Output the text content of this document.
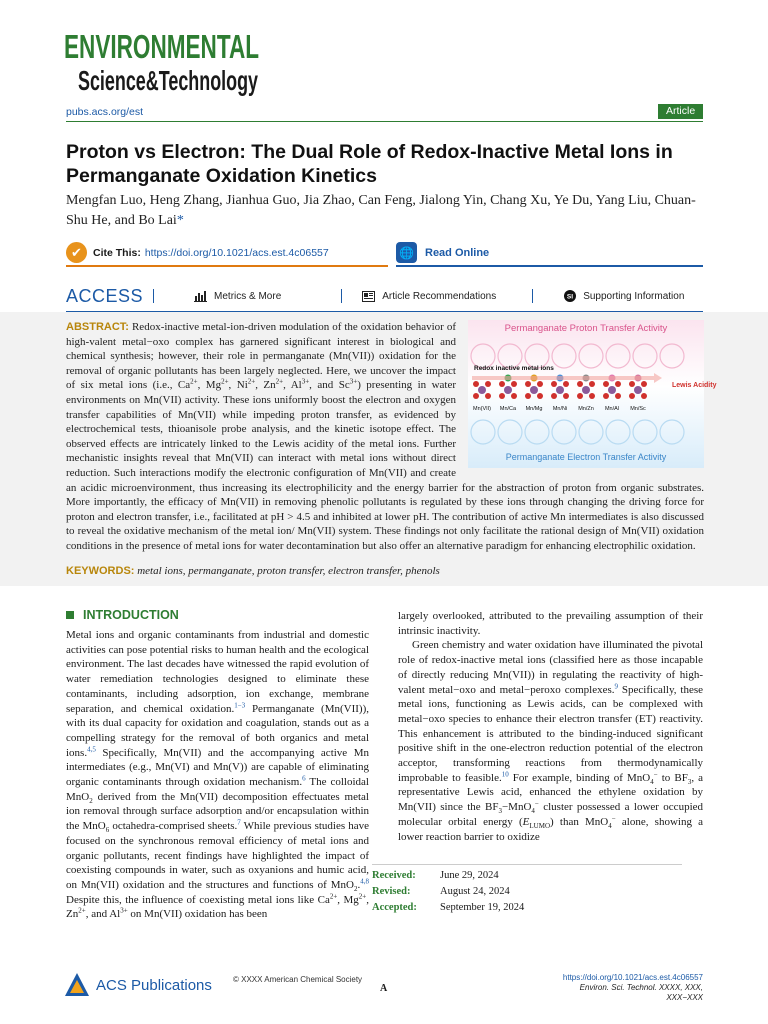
ENVIRONMENTAL
Science&Technology
pubs.acs.org/est	Article
Proton vs Electron: The Dual Role of Redox-Inactive Metal Ions in Permanganate Oxidation Kinetics
Mengfan Luo, Heng Zhang, Jianhua Guo, Jia Zhao, Can Feng, Jialong Yin, Chang Xu, Ye Du, Yang Liu, Chuan-Shu He, and Bo Lai*
✔	Cite This: https://doi.org/10.1021/acs.est.4c06557	🌐 Read Online
ACCESS	Metrics & More	Article Recommendations	SI Supporting Information
Permanganate Proton Transfer Activity
Redox inactive metal ions
Mn(VII) Mn/Ca Mn/Mg Mn/Ni Mn/Zn Mn/Al Mn/Sc
Lewis Acidity
Permanganate Electron Transfer Activity
ABSTRACT: Redox-inactive metal-ion-driven modulation of the oxidation behavior of high-valent metal−oxo complex has garnered significant interest in biological and chemical synthesis; however, their role in permanganate (Mn(VII)) oxidation for the removal of organic pollutants has been largely neglected. Here, we uncover the impact of six metal ions (i.e., $Ca^{2+}$, $Mg^{2+}$, $Ni^{2+}$, $Zn^{2+}$, $Al^{3+}$, and $Sc^{3+}$) presenting in water environments on Mn(VII) activity. These ions uniformly boost the electron and oxygen transfer capabilities of Mn(VII) while impeding proton transfer, as evidenced by electrochemical tests, thioanisole probe analysis, and the kinetic isotope effect. The observed effects are intricately linked to the Lewis acidity of the metal ions. Further mechanistic insights reveal that Mn(VII) can interact with metal ions without direct reduction. Such interactions modify the electronic configuration of Mn(VII) and create an acidic microenvironment, thus increasing its electrophilicity and the energy barrier for the abstraction of proton from organic substrates. More importantly, the efficacy of Mn(VII) in removing phenolic pollutants is regulated by these ions through changing the driving force for proton and electron transfer, i.e., facilitated at pH > 4.5 and inhibited at lower pH. The contribution of active Mn intermediates is also discussed to reveal the oxidative mechanism of the metal ion/ Mn(VII) system. These findings not only facilitate the rational design of Mn(VII) oxidation conditions in the presence of metal ions for water decontamination but also offer an alternative paradigm for enhancing electrophilic oxidation.
KEYWORDS: metal ions, permanganate, proton transfer, electron transfer, phenols
INTRODUCTION

Metal ions and organic contaminants from industrial and domestic activities can pose potential risks to human health and the ecological environment. The last decades have witnessed the rapid evolution of water remediation technologies designed to eliminate these contaminants, including adsorption, ion exchange, membrane separation, and chemical oxidation.$^{1-3}$ Permanganate (Mn(VII)), with its dual capacity for oxidation and coagulation, stands out as a compelling strategy for the removal of both organics and metal ions.$^{4,5}$ Specifically, Mn(VII) and the accompanying active Mn intermediates (e.g., Mn(VI) and Mn(V)) are capable of eliminating organic contaminants through oxidation mechanism.$^6$ The colloidal MnO$_2$ derived from the Mn(VII) decomposition effectuates metal ion removal through surface adsorption and/or encapsulation within the MnO$_6$ octahedra-comprised sheets.$^7$ While previous studies have focused on the synchronous removal efficiency of metal ions and organic pollutants, recent findings have highlighted the impact of coexisting compounds in water, such as oxyanions and humic acid, on Mn(VII) oxidation and the structures and functions of MnO$_2$.$^{4,8}$ Despite this, the influence of coexisting metal ions like $Ca^{2+}$, $Mg^{2+}$, $Zn^{2+}$, and $Al^{3+}$ on Mn(VII) oxidation has been

largely overlooked, attributed to the prevailing assumption of their intrinsic inactivity.

Green chemistry and water oxidation have illuminated the pivotal role of redox-inactive metal ions (classified here as those incapable of directly reducing Mn(VII)) in regulating the reactivity of high-valent metal−oxo and metal−peroxo complexes.$^9$ Specifically, these metal ions, functioning as Lewis acids, can be complexed with metal−oxo species to enhance their electron transfer (ET) reactivity. This enhancement is attributed to the binding-induced significant positive shift in the one-electron reduction potential of the electron acceptor, transforming reactions from thermodynamically improbable to feasible.$^{10}$ For example, binding of MnO$_4$− to $BF_3$, a representative Lewis acid, enhanced the ethylene oxidation by Mn(VII) since the $BF_3-MnO_4^-$ cluster possessed a lower occupied molecular orbital energy $(E_{LUMO})$ than MnO$_4$− alone, showing a lower reaction barrier to oxidize

Received:	June 29, 2024
Revised:	August 24, 2024
Accepted:	September 19, 2024
ACS Publications	© XXXX American Chemical Society
A
https://doi.org/10.1021/acs.est.4c06557
Environ. Sci. Technol. XXXX, XXX, XXX−XXX
